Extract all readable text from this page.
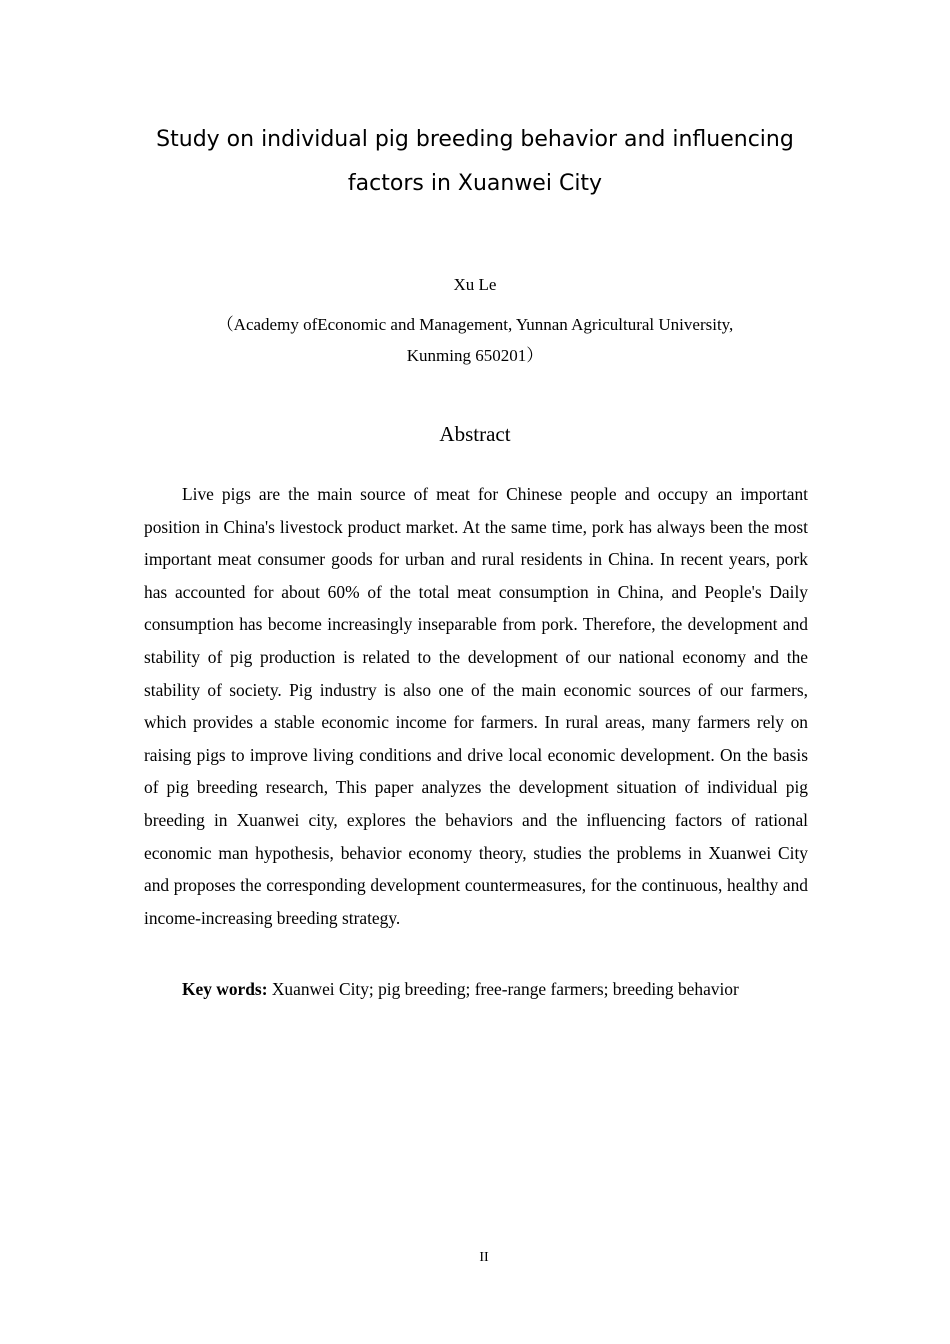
Study on individual pig breeding behavior and influencing
factors in Xuanwei City
Xu Le
（Academy ofEconomic and Management, Yunnan Agricultural University,
Kunming 650201）
Abstract

Live pigs are the main source of meat for Chinese people and occupy an important position in China's livestock product market. At the same time, pork has always been the most important meat consumer goods for urban and rural residents in China. In recent years, pork has accounted for about 60% of the total meat consumption in China, and People's Daily consumption has become increasingly inseparable from pork. Therefore, the development and stability of pig production is related to the development of our national economy and the stability of society. Pig industry is also one of the main economic sources of our farmers, which provides a stable economic income for farmers. In rural areas, many farmers rely on raising pigs to improve living conditions and drive local economic development. On the basis of pig breeding research, This paper analyzes the development situation of individual pig breeding in Xuanwei city, explores the behaviors and the influencing factors of rational economic man hypothesis, behavior economy theory, studies the problems in Xuanwei City and proposes the corresponding development countermeasures, for the continuous, healthy and income-increasing breeding strategy.

Key words: Xuanwei City; pig breeding; free-range farmers; breeding behavior

II
